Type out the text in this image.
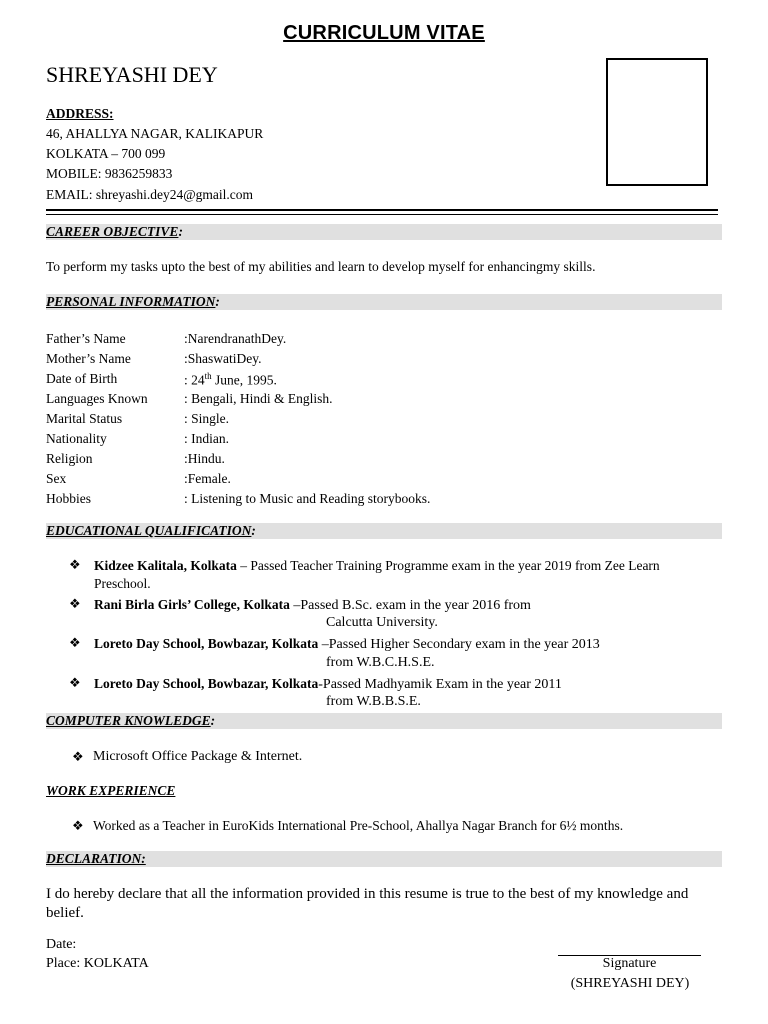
CURRICULUM VITAE
SHREYASHI DEY
ADDRESS:
46, AHALLYA NAGAR, KALIKAPUR
KOLKATA – 700 099
MOBILE: 9836259833
EMAIL: shreyashi.dey24@gmail.com
CAREER OBJECTIVE:
To perform my tasks upto the best of my abilities and learn to develop myself for enhancingmy skills.
PERSONAL INFORMATION:
Father’s Name	:NarendranathDey.
Mother’s Name	:ShaswatiDey.
Date of Birth	: 24th June, 1995.
Languages Known	: Bengali, Hindi & English.
Marital Status	: Single.
Nationality	: Indian.
Religion	:Hindu.
Sex	:Female.
Hobbies	: Listening to Music and Reading storybooks.
EDUCATIONAL QUALIFICATION:
❖ Kidzee Kalitala, Kolkata – Passed Teacher Training Programme exam in the year 2019 from Zee Learn Preschool.
❖ Rani Birla Girls’ College, Kolkata –Passed B.Sc. exam in the year 2016 from
Calcutta University.
❖ Loreto Day School, Bowbazar, Kolkata –Passed Higher Secondary exam in the year 2013
from W.B.C.H.S.E.
❖ Loreto Day School, Bowbazar, Kolkata-Passed Madhyamik Exam in the year 2011
from W.B.B.S.E.
COMPUTER KNOWLEDGE:
❖ Microsoft Office Package & Internet.
WORK EXPERIENCE
❖ Worked as a Teacher in EuroKids International Pre-School, Ahallya Nagar Branch for 6½ months.
DECLARATION:
I do hereby declare that all the information provided in this resume is true to the best of my knowledge and belief.
Date:
Place: KOLKATA	Signature
(SHREYASHI DEY)
